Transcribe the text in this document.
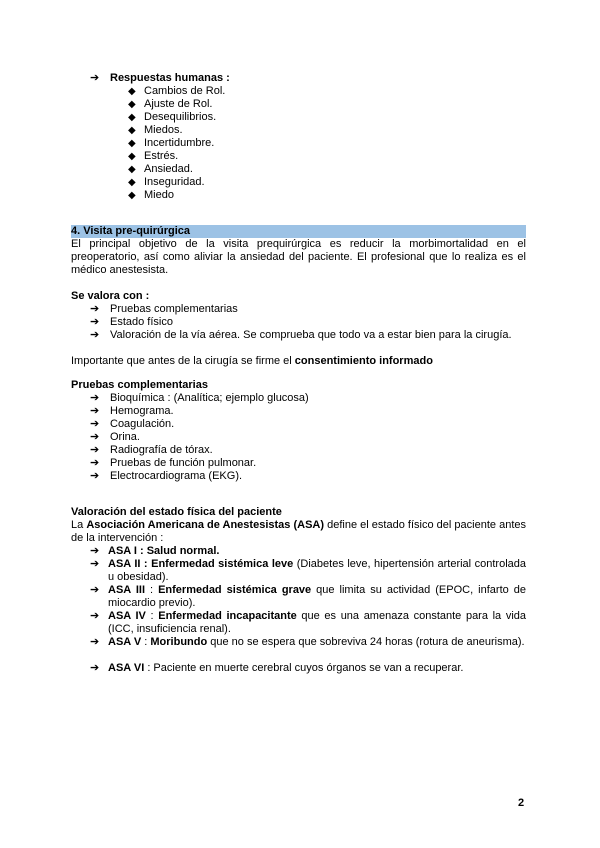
➔ Respuestas humanas :
◆ Cambios de Rol.
◆ Ajuste de Rol.
◆ Desequilibrios.
◆ Miedos.
◆ Incertidumbre.
◆ Estrés.
◆ Ansiedad.
◆ Inseguridad.
◆ Miedo
4. Visita pre-quirúrgica
El principal objetivo de la visita prequirúrgica es reducir la morbimortalidad en el preoperatorio, así como aliviar la ansiedad del paciente. El profesional que lo realiza es el médico anestesista.
Se valora con :
➔ Pruebas complementarias
➔ Estado físico
➔ Valoración de la vía aérea. Se comprueba que todo va a estar bien para la cirugía.
Importante que antes de la cirugía se firme el consentimiento informado
Pruebas complementarias
➔ Bioquímica : (Analítica; ejemplo glucosa)
➔ Hemograma.
➔ Coagulación.
➔ Orina.
➔ Radiografía de tórax.
➔ Pruebas de función pulmonar.
➔ Electrocardiograma (EKG).
Valoración del estado física del paciente
La Asociación Americana de Anestesistas (ASA) define el estado físico del paciente antes de la intervención :
➔ ASA I : Salud normal.
➔ ASA II : Enfermedad sistémica leve (Diabetes leve, hipertensión arterial controlada u obesidad).
➔ ASA III : Enfermedad sistémica grave que limita su actividad (EPOC, infarto de miocardio previo).
➔ ASA IV : Enfermedad incapacitante que es una amenaza constante para la vida (ICC, insuficiencia renal).
➔ ASA V : Moribundo que no se espera que sobreviva 24 horas (rotura de aneurisma).
➔ ASA VI : Paciente en muerte cerebral cuyos órganos se van a recuperar.
2
